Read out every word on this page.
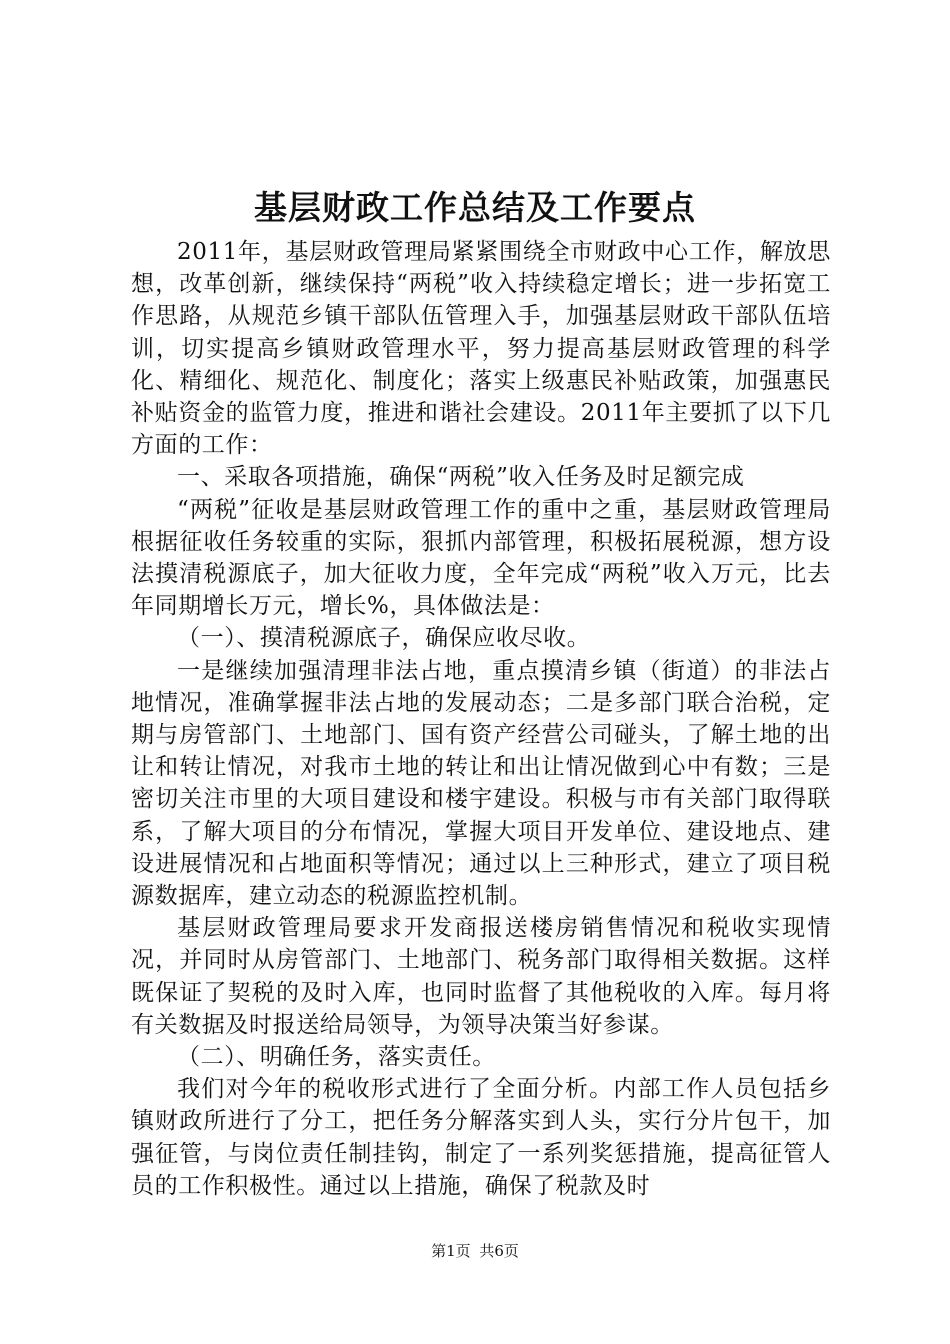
基层财政工作总结及工作要点

2011年，基层财政管理局紧紧围绕全市财政中心工作，解放思想，改革创新，继续保持“两税”收入持续稳定增长；进一步拓宽工作思路，从规范乡镇干部队伍管理入手，加强基层财政干部队伍培训，切实提高乡镇财政管理水平，努力提高基层财政管理的科学化、精细化、规范化、制度化；落实上级惠民补贴政策，加强惠民补贴资金的监管力度，推进和谐社会建设。2011年主要抓了以下几方面的工作：

一、采取各项措施，确保“两税”收入任务及时足额完成

“两税”征收是基层财政管理工作的重中之重，基层财政管理局根据征收任务较重的实际，狠抓内部管理，积极拓展税源，想方设法摸清税源底子，加大征收力度，全年完成“两税”收入万元，比去年同期增长万元，增长%，具体做法是：

（一）、摸清税源底子，确保应收尽收。

一是继续加强清理非法占地，重点摸清乡镇（街道）的非法占地情况，准确掌握非法占地的发展动态；二是多部门联合治税，定期与房管部门、土地部门、国有资产经营公司碰头，了解土地的出让和转让情况，对我市土地的转让和出让情况做到心中有数；三是密切关注市里的大项目建设和楼宇建设。积极与市有关部门取得联系，了解大项目的分布情况，掌握大项目开发单位、建设地点、建设进展情况和占地面积等情况；通过以上三种形式，建立了项目税源数据库，建立动态的税源监控机制。

基层财政管理局要求开发商报送楼房销售情况和税收实现情况，并同时从房管部门、土地部门、税务部门取得相关数据。这样既保证了契税的及时入库，也同时监督了其他税收的入库。每月将有关数据及时报送给局领导，为领导决策当好参谋。

（二）、明确任务，落实责任。

我们对今年的税收形式进行了全面分析。内部工作人员包括乡镇财政所进行了分工，把任务分解落实到人头，实行分片包干，加强征管，与岗位责任制挂钩，制定了一系列奖惩措施，提高征管人员的工作积极性。通过以上措施，确保了税款及时

第1页 共6页
